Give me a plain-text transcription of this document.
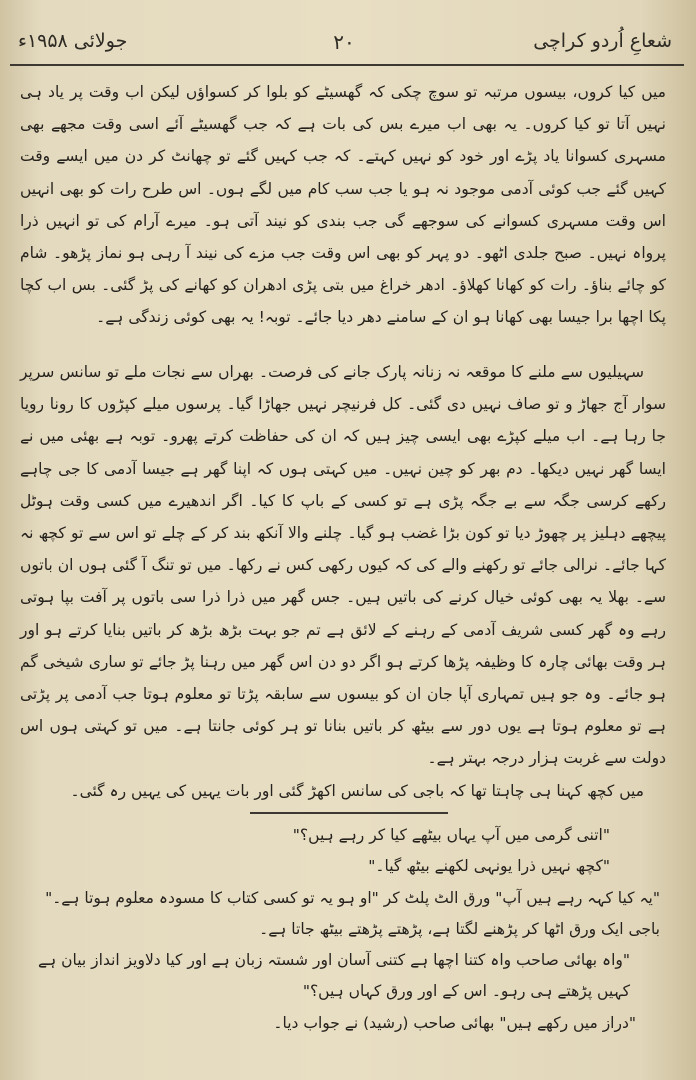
شعاعِ اُردو کراچی
۲۰
جولائی ۱۹۵۸ء

میں کیا کروں، بیسوں مرتبہ تو سوچ چکی کہ گھسیٹے کو بلوا کر کسواؤں لیکن اب وقت پر یاد ہی نہیں آتا تو کیا کروں۔ یہ بھی اب میرے بس کی بات ہے کہ جب گھسیٹے آئے اسی وقت مجھے بھی مسہری کسوانا یاد پڑے اور خود کو نہیں کہتے۔ کہ جب کہیں گئے تو چھانٹ کر دن میں ایسے وقت کہیں گئے جب کوئی آدمی موجود نہ ہو یا جب سب کام میں لگے ہوں۔ اس طرح رات کو بھی انہیں اس وقت مسہری کسوانے کی سوجھے گی جب بندی کو نیند آتی ہو۔ میرے آرام کی تو انہیں ذرا پرواہ نہیں۔ صبح جلدی اٹھو۔ دو پہر کو بھی اس وقت جب مزے کی نیند آ رہی ہو نماز پڑھو۔ شام کو چائے بناؤ۔ رات کو کھانا کھلاؤ۔ ادھر خراغ میں بتی پڑی ادھران کو کھانے کی پڑ گئی۔ بس اب کچا پکا اچھا برا جیسا بھی کھانا ہو ان کے سامنے دھر دیا جائے۔ توبہ! یہ بھی کوئی زندگی ہے۔

سہیلیوں سے ملنے کا موقعہ نہ زنانہ پارک جانے کی فرصت۔ بھراں سے نجات ملے تو سانس سرپر سوار آج جھاڑ و تو صاف نہیں دی گئی۔ کل فرنیچر نہیں جھاڑا گیا۔ پرسوں میلے کپڑوں کا رونا رویا جا رہا ہے۔ اب میلے کپڑے بھی ایسی چیز ہیں کہ ان کی حفاظت کرتے پھرو۔ توبہ ہے بھئی میں نے ایسا گھر نہیں دیکھا۔ دم بھر کو چین نہیں۔ میں کہتی ہوں کہ اپنا گھر ہے جیسا آدمی کا جی چاہے رکھے کرسی جگہ سے بے جگہ پڑی ہے تو کسی کے باپ کا کیا۔ اگر اندھیرے میں کسی وقت ہوٹل پیچھے دہلیز پر چھوڑ دیا تو کون بڑا غضب ہو گیا۔ چلنے والا آنکھ بند کر کے چلے تو اس سے تو کچھ نہ کہا جائے۔ نرالی جائے تو رکھنے والے کی کہ کیوں رکھی کس نے رکھا۔ میں تو تنگ آ گئی ہوں ان باتوں سے۔ بھلا یہ بھی کوئی خیال کرنے کی باتیں ہیں۔ جس گھر میں ذرا ذرا سی باتوں پر آفت بپا ہوتی رہے وہ گھر کسی شریف آدمی کے رہنے کے لائق ہے تم جو بہت بڑھ بڑھ کر باتیں بنایا کرتے ہو اور ہر وقت بھائی چارہ کا وظیفہ پڑھا کرتے ہو اگر دو دن اس گھر میں رہنا پڑ جائے تو ساری شیخی گم ہو جائے۔ وہ جو ہیں تمہاری آپا جان ان کو بیسوں سے سابقہ پڑتا تو معلوم ہوتا جب آدمی پر پڑتی ہے تو معلوم ہوتا ہے یوں دور سے بیٹھ کر باتیں بنانا تو ہر کوئی جانتا ہے۔ میں تو کہتی ہوں اس دولت سے غربت ہزار درجہ بہتر ہے۔

میں کچھ کہنا ہی چاہتا تھا کہ باجی کی سانس اکھڑ گئی اور بات یہیں کی یہیں رہ گئی۔

"اتنی گرمی میں آپ یہاں بیٹھے کیا کر رہے ہیں؟"
"کچھ نہیں ذرا یونہی لکھنے بیٹھ گیا۔"
"یہ کیا کہہ رہے ہیں آپ" ورق الٹ پلٹ کر "او ہو یہ تو کسی کتاب کا مسودہ معلوم ہوتا ہے۔"
باجی ایک ورق اٹھا کر پڑھنے لگتا ہے، پڑھتے پڑھتے بیٹھ جاتا ہے۔
"واہ بھائی صاحب واہ کتنا اچھا ہے کتنی آسان اور شستہ زبان ہے اور کیا دلاویز انداز بیان ہے کہیں پڑھتے ہی رہو۔ اس کے اور ورق کہاں ہیں؟"
"دراز میں رکھے ہیں" بھائی صاحب (رشید) نے جواب دیا۔
